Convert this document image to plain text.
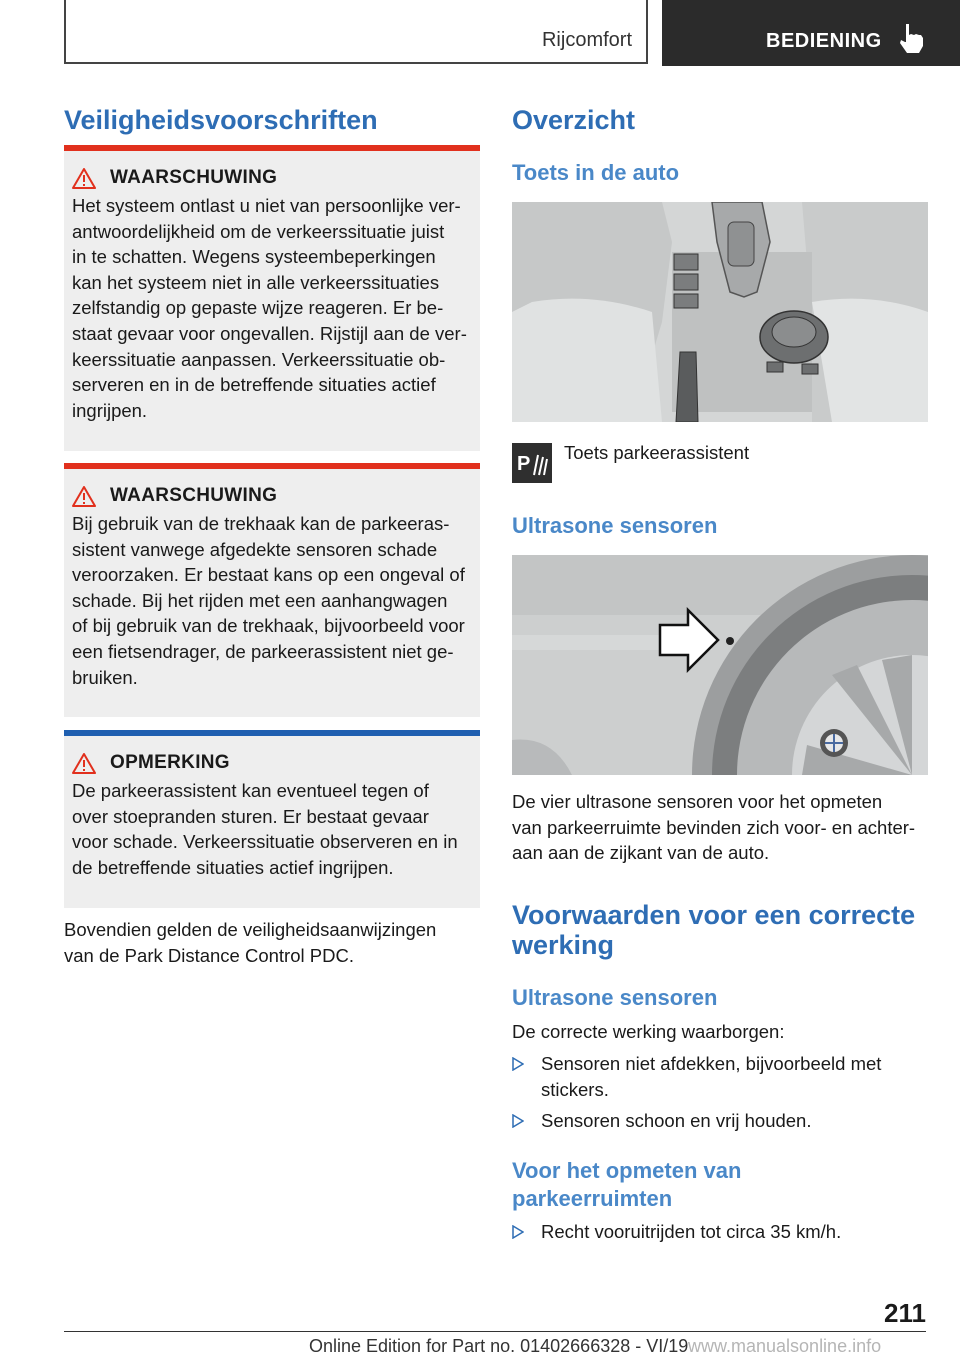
Rijcomfort	BEDIENING
Veiligheidsvoorschriften
WAARSCHUWING
Het systeem ontlast u niet van persoonlijke ver-
antwoordelijkheid om de verkeerssituatie juist
in te schatten. Wegens systeembeperkingen
kan het systeem niet in alle verkeerssituaties
zelfstandig op gepaste wijze reageren. Er be-
staat gevaar voor ongevallen. Rijstijl aan de ver-
keerssituatie aanpassen. Verkeerssituatie ob-
serveren en in de betreffende situaties actief
ingrijpen.
WAARSCHUWING
Bij gebruik van de trekhaak kan de parkeeras-
sistent vanwege afgedekte sensoren schade
veroorzaken. Er bestaat kans op een ongeval of
schade. Bij het rijden met een aanhangwagen
of bij gebruik van de trekhaak, bijvoorbeeld voor
een fietsendrager, de parkeerassistent niet ge-
bruiken.
OPMERKING
De parkeerassistent kan eventueel tegen of
over stoepranden sturen. Er bestaat gevaar
voor schade. Verkeerssituatie observeren en in
de betreffende situaties actief ingrijpen.
Bovendien gelden de veiligheidsaanwijzingen
van de Park Distance Control PDC.
Overzicht
Toets in de auto
P
Toets parkeerassistent
Ultrasone sensoren
De vier ultrasone sensoren voor het opmeten
van parkeerruimte bevinden zich voor- en achter-
aan aan de zijkant van de auto.
Voorwaarden voor een correcte
werking
Ultrasone sensoren
De correcte werking waarborgen:
Sensoren niet afdekken, bijvoorbeeld met
stickers.
Sensoren schoon en vrij houden.
Voor het opmeten van
parkeerruimten
Recht vooruitrijden tot circa 35 km/h.
211
Online Edition for Part no. 01402666328 - VI/19 www.manualsonline.info
